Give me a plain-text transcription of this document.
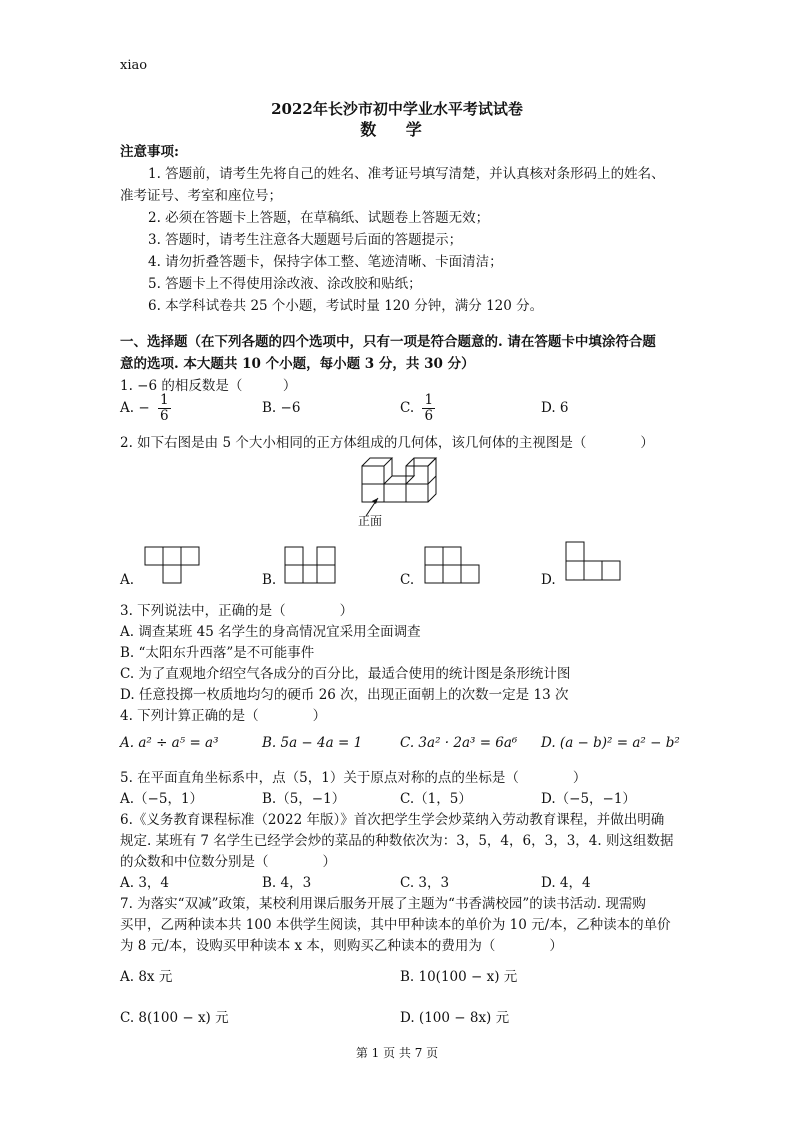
xiao
2022年长沙市初中学业水平考试试卷
数 学
注意事项:
1. 答题前，请考生先将自己的姓名、准考证号填写清楚，并认真核对条形码上的姓名、
准考证号、考室和座位号；
2. 必须在答题卡上答题，在草稿纸、试题卷上答题无效；
3. 答题时，请考生注意各大题题号后面的答题提示；
4. 请勿折叠答题卡，保持字体工整、笔迹清晰、卡面清洁；
5. 答题卡上不得使用涂改液、涂改胶和贴纸；
6. 本学科试卷共 25 个小题，考试时量 120 分钟，满分 120 分。
一、选择题（在下列各题的四个选项中，只有一项是符合题意的. 请在答题卡中填涂符合题
意的选项. 本大题共 10 个小题，每小题 3 分，共 30 分）
1. −6 的相反数是（　　　）
A. − $\frac{1}{6}$	B. −6	C. $\frac{1}{6}$	D. 6
2. 如下右图是由 5 个大小相同的正方体组成的几何体，该几何体的主视图是（　　　　）
正面
A.	B.	C.	D.
3. 下列说法中，正确的是（　　　　）
A. 调查某班 45 名学生的身高情况宜采用全面调查
B. “太阳东升西落”是不可能事件
C. 为了直观地介绍空气各成分的百分比，最适合使用的统计图是条形统计图
D. 任意投掷一枚质地均匀的硬币 26 次，出现正面朝上的次数一定是 13 次
4. 下列计算正确的是（　　　　）
A. a² ÷ a⁵ = a³	B. 5a − 4a = 1	C. 3a² · 2a³ = 6a⁶ D. (a − b)² = a² − b²
5. 在平面直角坐标系中，点（5，1）关于原点对称的点的坐标是（　　　　）
A.（−5，1）	B.（5，−1）	C.（1，5）	D.（−5，−1）
6.《义务教育课程标准（2022 年版）》首次把学生学会炒菜纳入劳动教育课程，并做出明确
规定. 某班有 7 名学生已经学会炒的菜品的种数依次为：3，5，4，6，3，3，4. 则这组数据
的众数和中位数分别是（　　　　）
A. 3，4	B. 4，3	C. 3，3	D. 4，4
7. 为落实“双减”政策，某校利用课后服务开展了主题为“书香满校园”的读书活动. 现需购
买甲，乙两种读本共 100 本供学生阅读，其中甲种读本的单价为 10 元/本，乙种读本的单价
为 8 元/本，设购买甲种读本 x 本，则购买乙种读本的费用为（　　　　）
A. 8x 元	B. 10(100 − x) 元
C. 8(100 − x) 元	D. (100 − 8x) 元
第 1 页 共 7 页
